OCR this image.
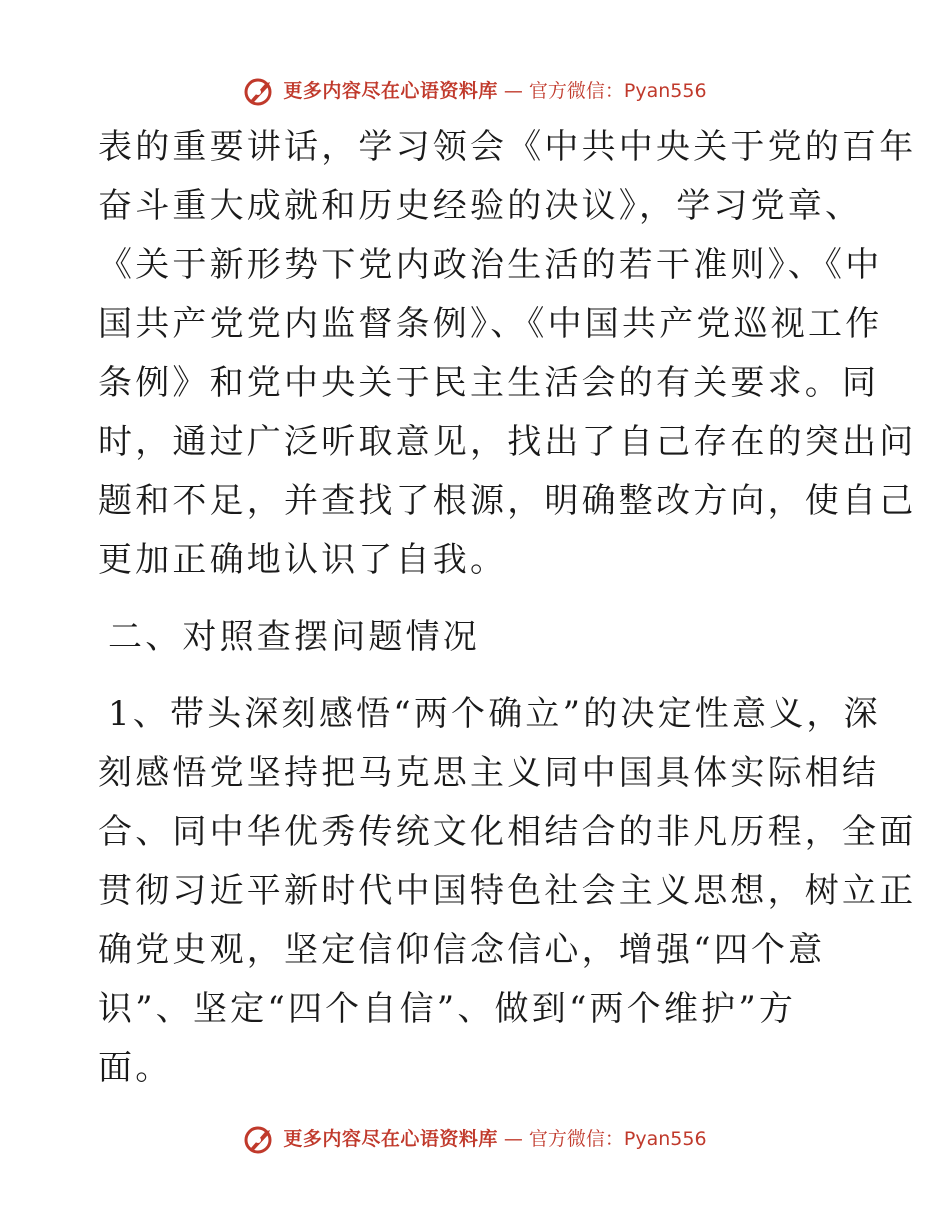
更多内容尽在心语资料库 — 官方微信：Pyan556
表的重要讲话，学习领会《中共中央关于党的百年
奋斗重大成就和历史经验的决议》，学习党章、
《关于新形势下党内政治生活的若干准则》、《中
国共产党党内监督条例》、《中国共产党巡视工作
条例》和党中央关于民主生活会的有关要求。同
时，通过广泛听取意见，找出了自己存在的突出问
题和不足，并查找了根源，明确整改方向，使自己
更加正确地认识了自我。
二、对照查摆问题情况
1、带头深刻感悟“两个确立”的决定性意义，深
刻感悟党坚持把马克思主义同中国具体实际相结
合、同中华优秀传统文化相结合的非凡历程，全面
贯彻习近平新时代中国特色社会主义思想，树立正
确党史观，坚定信仰信念信心，增强“四个意
识”、坚定“四个自信”、做到“两个维护”方
面。
更多内容尽在心语资料库 — 官方微信：Pyan556
